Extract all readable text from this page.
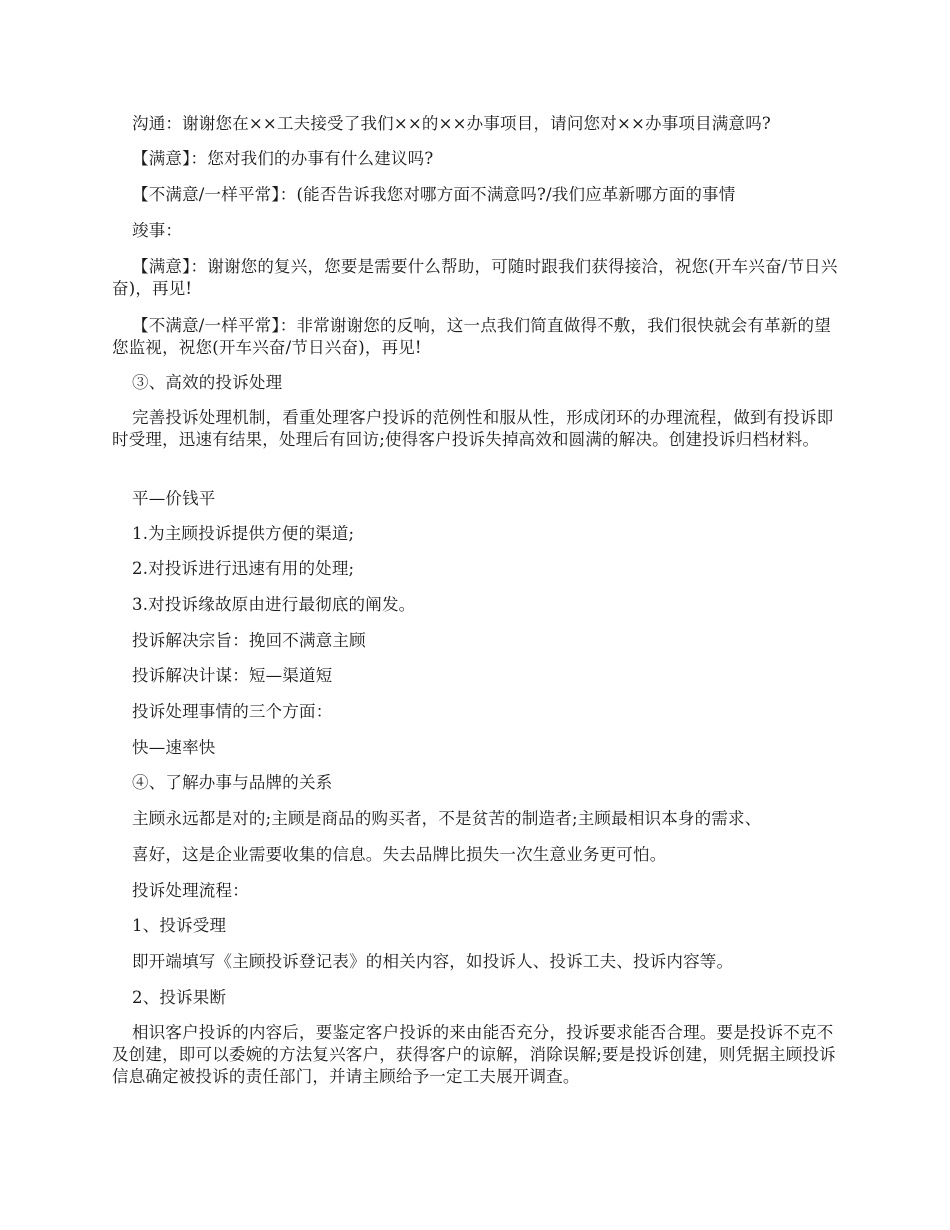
沟通：谢谢您在××工夫接受了我们××的××办事项目，请问您对××办事项目满意吗?
【满意】：您对我们的办事有什么建议吗?
【不满意/一样平常】：(能否告诉我您对哪方面不满意吗?/我们应革新哪方面的事情
竣事：
【满意】：谢谢您的复兴，您要是需要什么帮助，可随时跟我们获得接洽，祝您(开车兴奋/节日兴奋)，再见!
【不满意/一样平常】：非常谢谢您的反响，这一点我们简直做得不敷，我们很快就会有革新的望您监视，祝您(开车兴奋/节日兴奋)，再见!
③、高效的投诉处理
完善投诉处理机制，看重处理客户投诉的范例性和服从性，形成闭环的办理流程，做到有投诉即时受理，迅速有结果，处理后有回访;使得客户投诉失掉高效和圆满的解决。创建投诉归档材料。
平—价钱平
1.为主顾投诉提供方便的渠道;
2.对投诉进行迅速有用的处理;
3.对投诉缘故原由进行最彻底的阐发。
投诉解决宗旨：挽回不满意主顾
投诉解决计谋：短—渠道短
投诉处理事情的三个方面：
快—速率快
④、了解办事与品牌的关系
主顾永远都是对的;主顾是商品的购买者，不是贫苦的制造者;主顾最相识本身的需求、
喜好，这是企业需要收集的信息。失去品牌比损失一次生意业务更可怕。
投诉处理流程：
1、投诉受理
即开端填写《主顾投诉登记表》的相关内容，如投诉人、投诉工夫、投诉内容等。
2、投诉果断
相识客户投诉的内容后，要鉴定客户投诉的来由能否充分，投诉要求能否合理。要是投诉不克不及创建，即可以委婉的方法复兴客户，获得客户的谅解，消除误解;要是投诉创建，则凭据主顾投诉信息确定被投诉的责任部门，并请主顾给予一定工夫展开调查。
